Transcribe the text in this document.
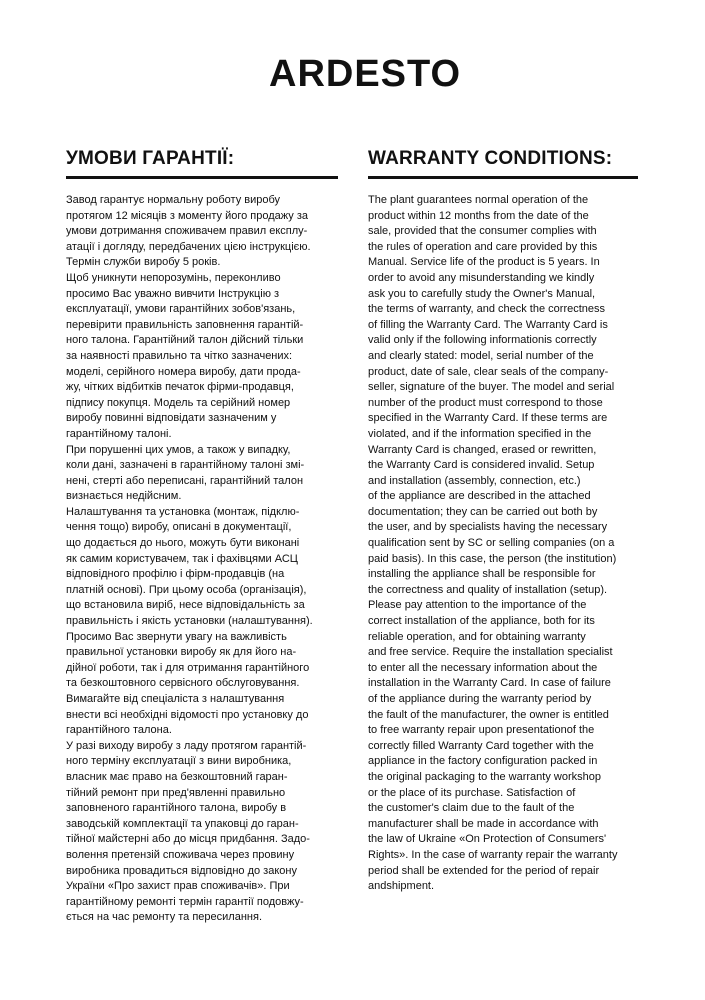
ARDESTO
УМОВИ ГАРАНТІЇ:

Завод гарантує нормальну роботу виробу
протягом 12 місяців з моменту його продажу за
умови дотримання споживачем правил експлу-
атації і догляду, передбачених цією інструкцією.
Термін служби виробу 5 років.
Щоб уникнути непорозумінь, переконливо
просимо Вас уважно вивчити Інструкцію з
експлуатації, умови гарантійних зобов'язань,
перевірити правильність заповнення гарантій-
ного талона. Гарантійний талон дійсний тільки
за наявності правильно та чітко зазначених:
моделі, серійного номера виробу, дати прода-
жу, чітких відбитків печаток фірми-продавця,
підпису покупця. Модель та серійний номер
виробу повинні відповідати зазначеним у
гарантійному талоні.
При порушенні цих умов, а також у випадку,
коли дані, зазначені в гарантійному талоні змі-
нені, стерті або переписані, гарантійний талон
визнається недійсним.
Налаштування та установка (монтаж, підклю-
чення тощо) виробу, описані в документації,
що додається до нього, можуть бути виконані
як самим користувачем, так і фахівцями АСЦ
відповідного профілю і фірм-продавців (на
платній основі). При цьому особа (організація),
що встановила виріб, несе відповідальність за
правильність і якість установки (налаштування).
Просимо Вас звернути увагу на важливість
правильної установки виробу як для його на-
дійної роботи, так і для отримання гарантійного
та безкоштовного сервісного обслуговування.
Вимагайте від спеціаліста з налаштування
внести всі необхідні відомості про установку до
гарантійного талона.
У разі виходу виробу з ладу протягом гарантій-
ного терміну експлуатації з вини виробника,
власник має право на безкоштовний гаран-
тійний ремонт при пред'явленні правильно
заповненого гарантійного талона, виробу в
заводській комплектації та упаковці до гаран-
тійної майстерні або до місця придбання. Задо-
волення претензій споживача через провину
виробника провадиться відповідно до закону
України «Про захист прав споживачів». При
гарантійному ремонті термін гарантії подовжу-
ється на час ремонту та пересилання.

WARRANTY CONDITIONS:

The plant guarantees normal operation of the
product within 12 months from the date of the
sale, provided that the consumer complies with
the rules of operation and care provided by this
Manual. Service life of the product is 5 years. In
order to avoid any misunderstanding we kindly
ask you to carefully study the Owner's Manual,
the terms of warranty, and check the correctness
of filling the Warranty Card. The Warranty Card is
valid only if the following informationis correctly
and clearly stated: model, serial number of the
product, date of sale, clear seals of the company-
seller, signature of the buyer. The model and serial
number of the product must correspond to those
specified in the Warranty Card. If these terms are
violated, and if the information specified in the
Warranty Card is changed, erased or rewritten,
the Warranty Card is considered invalid. Setup
and installation (assembly, connection, etc.)
of the appliance are described in the attached
documentation; they can be carried out both by
the user, and by specialists having the necessary
qualification sent by SC or selling companies (on a
paid basis). In this case, the person (the institution)
installing the appliance shall be responsible for
the correctness and quality of installation (setup).
Please pay attention to the importance of the
correct installation of the appliance, both for its
reliable operation, and for obtaining warranty
and free service. Require the installation specialist
to enter all the necessary information about the
installation in the Warranty Card. In case of failure
of the appliance during the warranty period by
the fault of the manufacturer, the owner is entitled
to free warranty repair upon presentationof the
correctly filled Warranty Card together with the
appliance in the factory configuration packed in
the original packaging to the warranty workshop
or the place of its purchase. Satisfaction of
the customer's claim due to the fault of the
manufacturer shall be made in accordance with
the law of Ukraine «On Protection of Consumers'
Rights». In the case of warranty repair the warranty
period shall be extended for the period of repair
andshipment.
